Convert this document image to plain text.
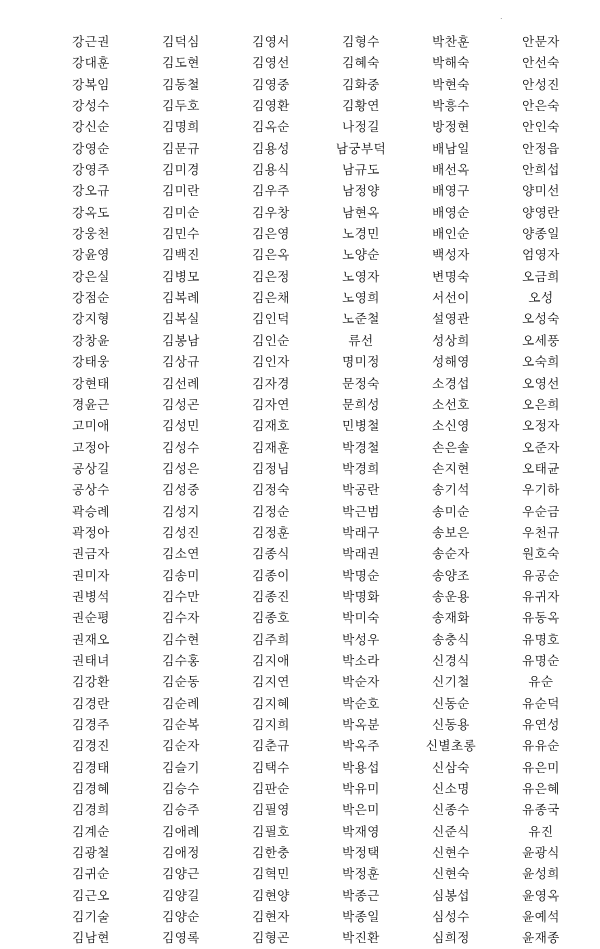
.
강근권	김덕심	김영서	김형수	박찬훈	안문자
강대훈	김도현	김영선	김혜숙	박해숙	안선숙
강복임	김동철	김영중	김화중	박현숙	안성진
강성수	김두호	김영환	김황연	박흥수	안은숙
강신순	김명희	김옥순	나정길	방정현	안인숙
강영순	김문규	김용성	남궁부덕	배남일	안정읍
강영주	김미경	김용식	남규도	배선옥	안희섭
강오규	김미란	김우주	남정양	배영구	양미선
강옥도	김미순	김우창	남현옥	배영순	양영란
강웅천	김민수	김은영	노경민	배인순	양종일
강윤영	김백진	김은옥	노양순	백성자	엄영자
강은실	김병모	김은정	노영자	변명숙	오금희
강점순	김복례	김은채	노영희	서선이	오성
강지형	김복실	김인덕	노준철	설영관	오성숙
강창윤	김봉남	김인순	류선	성상희	오세풍
강태웅	김상규	김인자	명미정	성해영	오숙희
강현태	김선례	김자경	문정숙	소경섭	오영선
경윤근	김성곤	김자연	문희성	소선호	오은희
고미애	김성민	김재호	민병철	소신영	오정자
고정아	김성수	김재훈	박경철	손은솔	오준자
공상길	김성은	김정님	박경희	손지현	오태균
공상수	김성중	김정숙	박공란	송기석	우기하
곽승례	김성지	김정순	박근범	송미순	우순금
곽정아	김성진	김정훈	박래구	송보은	우천규
권금자	김소연	김종식	박래권	송순자	원호숙
권미자	김송미	김종이	박명순	송양조	유공순
권병석	김수만	김종진	박명화	송운용	유귀자
권순평	김수자	김종호	박미숙	송재화	유동옥
권재오	김수현	김주희	박성우	송충식	유명호
권태녀	김수홍	김지애	박소라	신경식	유명순
김강환	김순동	김지연	박순자	신기철	유순
김경란	김순례	김지혜	박순호	신동순	유순덕
김경주	김순복	김지희	박옥분	신동용	유연성
김경진	김순자	김춘규	박옥주	신별초롱	유유순
김경태	김슬기	김택수	박용섭	신삼숙	유은미
김경혜	김승수	김판순	박유미	신소명	유은혜
김경희	김승주	김필영	박은미	신종수	유종국
김계순	김애례	김필호	박재영	신준식	유진
김광철	김애정	김한충	박정택	신현수	윤광식
김귀순	김양근	김혁민	박정훈	신현숙	윤성희
김근오	김양길	김현양	박종근	심봉섭	윤영옥
김기술	김양순	김현자	박종일	심성수	윤예석
김남현	김영록	김형곤	박진환	심희정	윤재종
